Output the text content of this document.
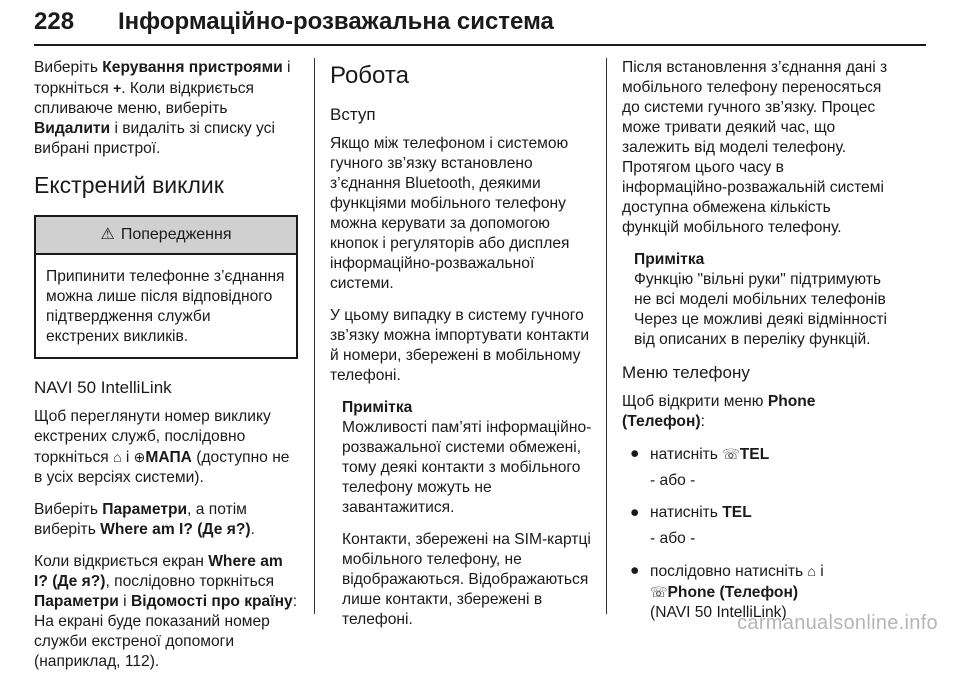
228 Інформаційно-розважальна система

Виберіть Керування пристроями і торкніться +. Коли відкриється спливаюче меню, виберіть Видалити і видаліть зі списку усі вибрані пристрої.

Екстрений виклик
⚠ Попередження
Припинити телефонне з’єднання можна лише після відповідного підтвердження служби екстрених викликів.
NAVI 50 IntelliLink

Щоб переглянути номер виклику екстрених служб, послідовно торкніться ⌂ і ⊕МАПА (доступно не в усіх версіях системи).

Виберіть Параметри, а потім виберіть Where am I? (Де я?).

Коли відкриється екран Where am I? (Де я?), послідовно торкніться Параметри і Відомості про країну: На екрані буде показаний номер служби екстреної допомоги (наприклад, 112).

Робота
Вступ

Якщо між телефоном і системою гучного зв’язку встановлено з’єднання Bluetooth, деякими функціями мобільного телефону можна керувати за допомогою кнопок і регуляторів або дисплея інформаційно-розважальної системи.

У цьому випадку в систему гучного зв’язку можна імпортувати контакти й номери, збережені в мобільному телефоні.

Примітка

Можливості пам’яті інформаційно-розважальної системи обмежені, тому деякі контакти з мобільного телефону можуть не завантажитися.

Контакти, збережені на SIM-картці мобільного телефону, не відображаються. Відображаються лише контакти, збережені в телефоні.

Після встановлення з’єднання дані з мобільного телефону переносяться до системи гучного зв’язку. Процес може тривати деякий час, що залежить від моделі телефону. Протягом цього часу в інформаційно-розважальній системі доступна обмежена кількість функцій мобільного телефону.

Примітка

Функцію "вільні руки" підтримують не всі моделі мобільних телефонів Через це можливі деякі відмінності від описаних в переліку функцій.

Меню телефону

Щоб відкрити меню Phone (Телефон):

● натисніть ☏TEL
- або -
● натисніть TEL
- або -
● послідовно натисніть ⌂ і
☏Phone (Телефон)
(NAVI 50 IntelliLink)
carmanualsonline.info
